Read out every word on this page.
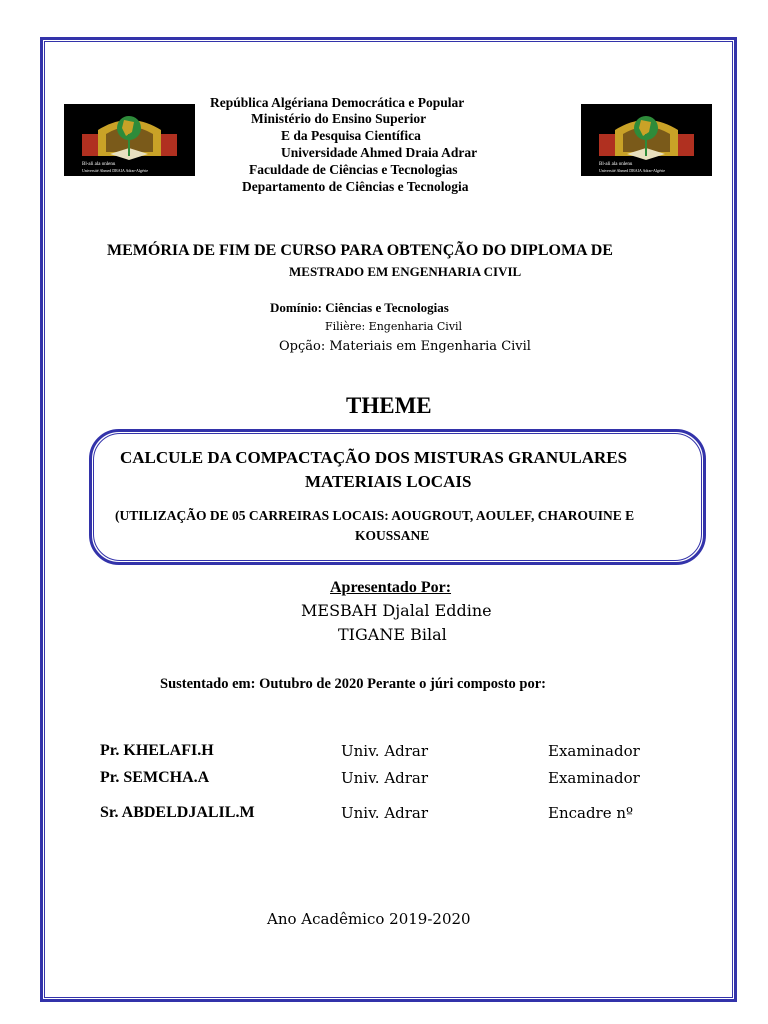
Bl-ali ala onlenu
Université Ahmed DRAIA Adrar-Algérie
Bl-ali ala onlenu
Université Ahmed DRAIA Adrar-Algérie
República Algériana Democrática e Popular
Ministério do Ensino Superior
E da Pesquisa Científica
Universidade Ahmed Draia Adrar
Faculdade de Ciências e Tecnologias
Departamento de Ciências e Tecnologia
MEMÓRIA DE FIM DE CURSO PARA OBTENÇÃO DO DIPLOMA DE
MESTRADO EM ENGENHARIA CIVIL
Domínio: Ciências e Tecnologias
Filière: Engenharia Civil
Opção: Materiais em Engenharia Civil
THEME
CALCULE DA COMPACTAÇÃO DOS MISTURAS GRANULARES
MATERIAIS LOCAIS
(UTILIZAÇÃO DE 05 CARREIRAS LOCAIS: AOUGROUT, AOULEF, CHAROUINE E
KOUSSANE
Apresentado Por:
MESBAH Djalal Eddine
TIGANE Bilal
Sustentado em: Outubro de 2020 Perante o júri composto por:
Pr. KHELAFI.H	Univ. Adrar	Examinador
Pr. SEMCHA.A	Univ. Adrar	Examinador
Sr. ABDELDJALIL.M	Univ. Adrar	Encadre nº
Ano Acadêmico 2019-2020
